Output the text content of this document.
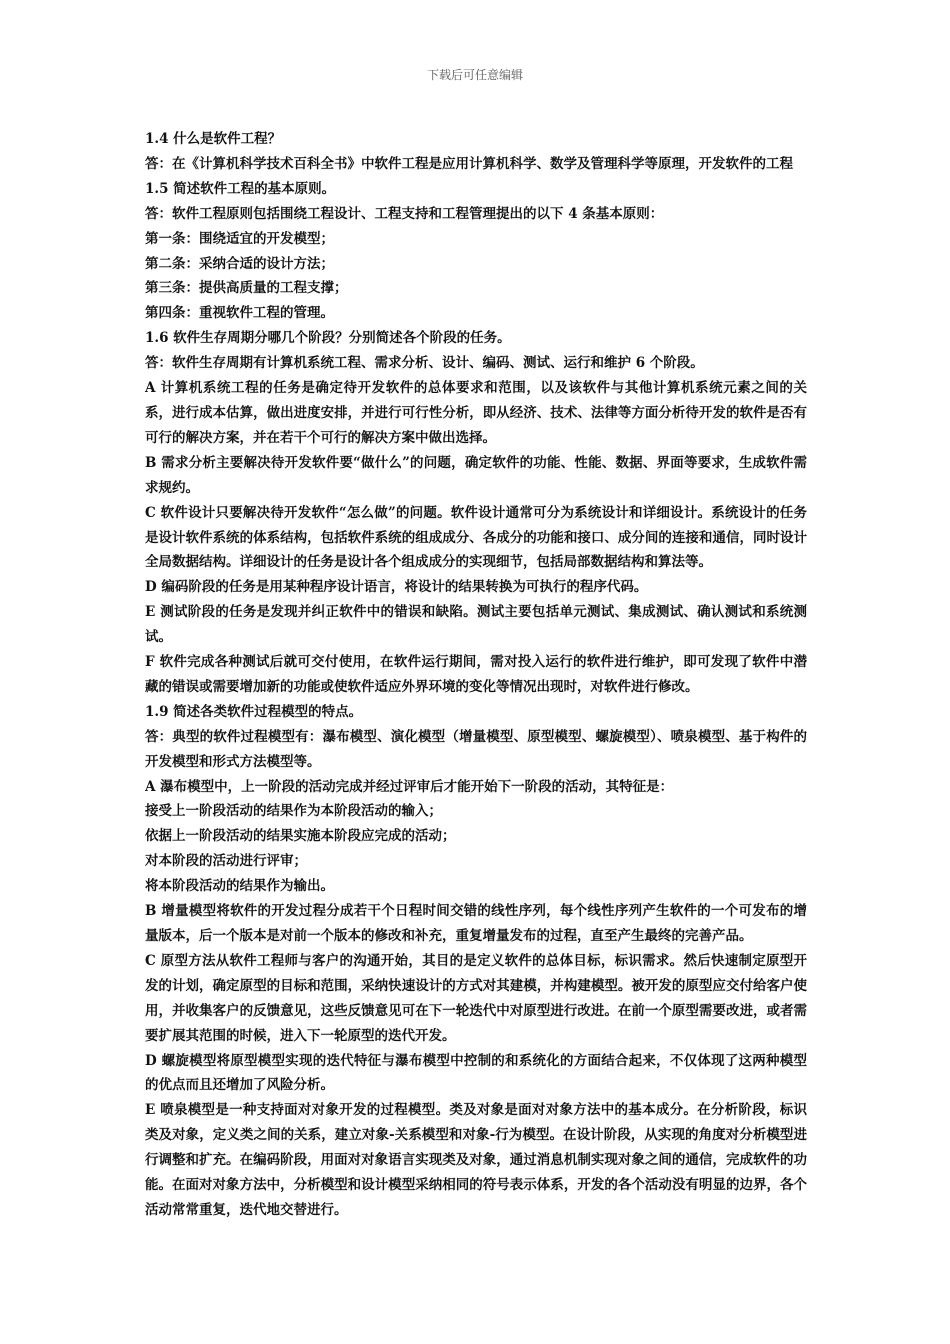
下载后可任意编辑

1.4 什么是软件工程？

答：在《计算机科学技术百科全书》中软件工程是应用计算机科学、数学及管理科学等原理，开发软件的工程

1.5 简述软件工程的基本原则。

答：软件工程原则包括围绕工程设计、工程支持和工程管理提出的以下 4 条基本原则：

第一条：围绕适宜的开发模型；

第二条：采纳合适的设计方法；

第三条：提供高质量的工程支撑；

第四条：重视软件工程的管理。

1.6 软件生存周期分哪几个阶段？分别简述各个阶段的任务。

答：软件生存周期有计算机系统工程、需求分析、设计、编码、测试、运行和维护 6 个阶段。

A 计算机系统工程的任务是确定待开发软件的总体要求和范围，以及该软件与其他计算机系统元素之间的关系，进行成本估算，做出进度安排，并进行可行性分析，即从经济、技术、法律等方面分析待开发的软件是否有可行的解决方案，并在若干个可行的解决方案中做出选择。

B 需求分析主要解决待开发软件要“做什么”的问题，确定软件的功能、性能、数据、界面等要求，生成软件需求规约。

C 软件设计只要解决待开发软件“怎么做”的问题。软件设计通常可分为系统设计和详细设计。系统设计的任务是设计软件系统的体系结构，包括软件系统的组成成分、各成分的功能和接口、成分间的连接和通信，同时设计全局数据结构。详细设计的任务是设计各个组成成分的实现细节，包括局部数据结构和算法等。

D 编码阶段的任务是用某种程序设计语言，将设计的结果转换为可执行的程序代码。

E 测试阶段的任务是发现并纠正软件中的错误和缺陷。测试主要包括单元测试、集成测试、确认测试和系统测试。

F 软件完成各种测试后就可交付使用，在软件运行期间，需对投入运行的软件进行维护，即可发现了软件中潜藏的错误或需要增加新的功能或使软件适应外界环境的变化等情况出现时，对软件进行修改。

1.9 简述各类软件过程模型的特点。

答：典型的软件过程模型有：瀑布模型、演化模型（增量模型、原型模型、螺旋模型）、喷泉模型、基于构件的开发模型和形式方法模型等。

A 瀑布模型中，上一阶段的活动完成并经过评审后才能开始下一阶段的活动，其特征是：

接受上一阶段活动的结果作为本阶段活动的输入；

依据上一阶段活动的结果实施本阶段应完成的活动；

对本阶段的活动进行评审；

将本阶段活动的结果作为输出。

B 增量模型将软件的开发过程分成若干个日程时间交错的线性序列，每个线性序列产生软件的一个可发布的增量版本，后一个版本是对前一个版本的修改和补充，重复增量发布的过程，直至产生最终的完善产品。

C 原型方法从软件工程师与客户的沟通开始，其目的是定义软件的总体目标，标识需求。然后快速制定原型开发的计划，确定原型的目标和范围，采纳快速设计的方式对其建模，并构建模型。被开发的原型应交付给客户使用，并收集客户的反馈意见，这些反馈意见可在下一轮迭代中对原型进行改进。在前一个原型需要改进，或者需要扩展其范围的时候，进入下一轮原型的迭代开发。

D 螺旋模型将原型模型实现的迭代特征与瀑布模型中控制的和系统化的方面结合起来，不仅体现了这两种模型的优点而且还增加了风险分析。

E 喷泉模型是一种支持面对对象开发的过程模型。类及对象是面对对象方法中的基本成分。在分析阶段，标识类及对象，定义类之间的关系，建立对象-关系模型和对象-行为模型。在设计阶段，从实现的角度对分析模型进行调整和扩充。在编码阶段，用面对对象语言实现类及对象，通过消息机制实现对象之间的通信，完成软件的功能。在面对对象方法中，分析模型和设计模型采纳相同的符号表示体系，开发的各个活动没有明显的边界，各个活动常常重复，迭代地交替进行。
